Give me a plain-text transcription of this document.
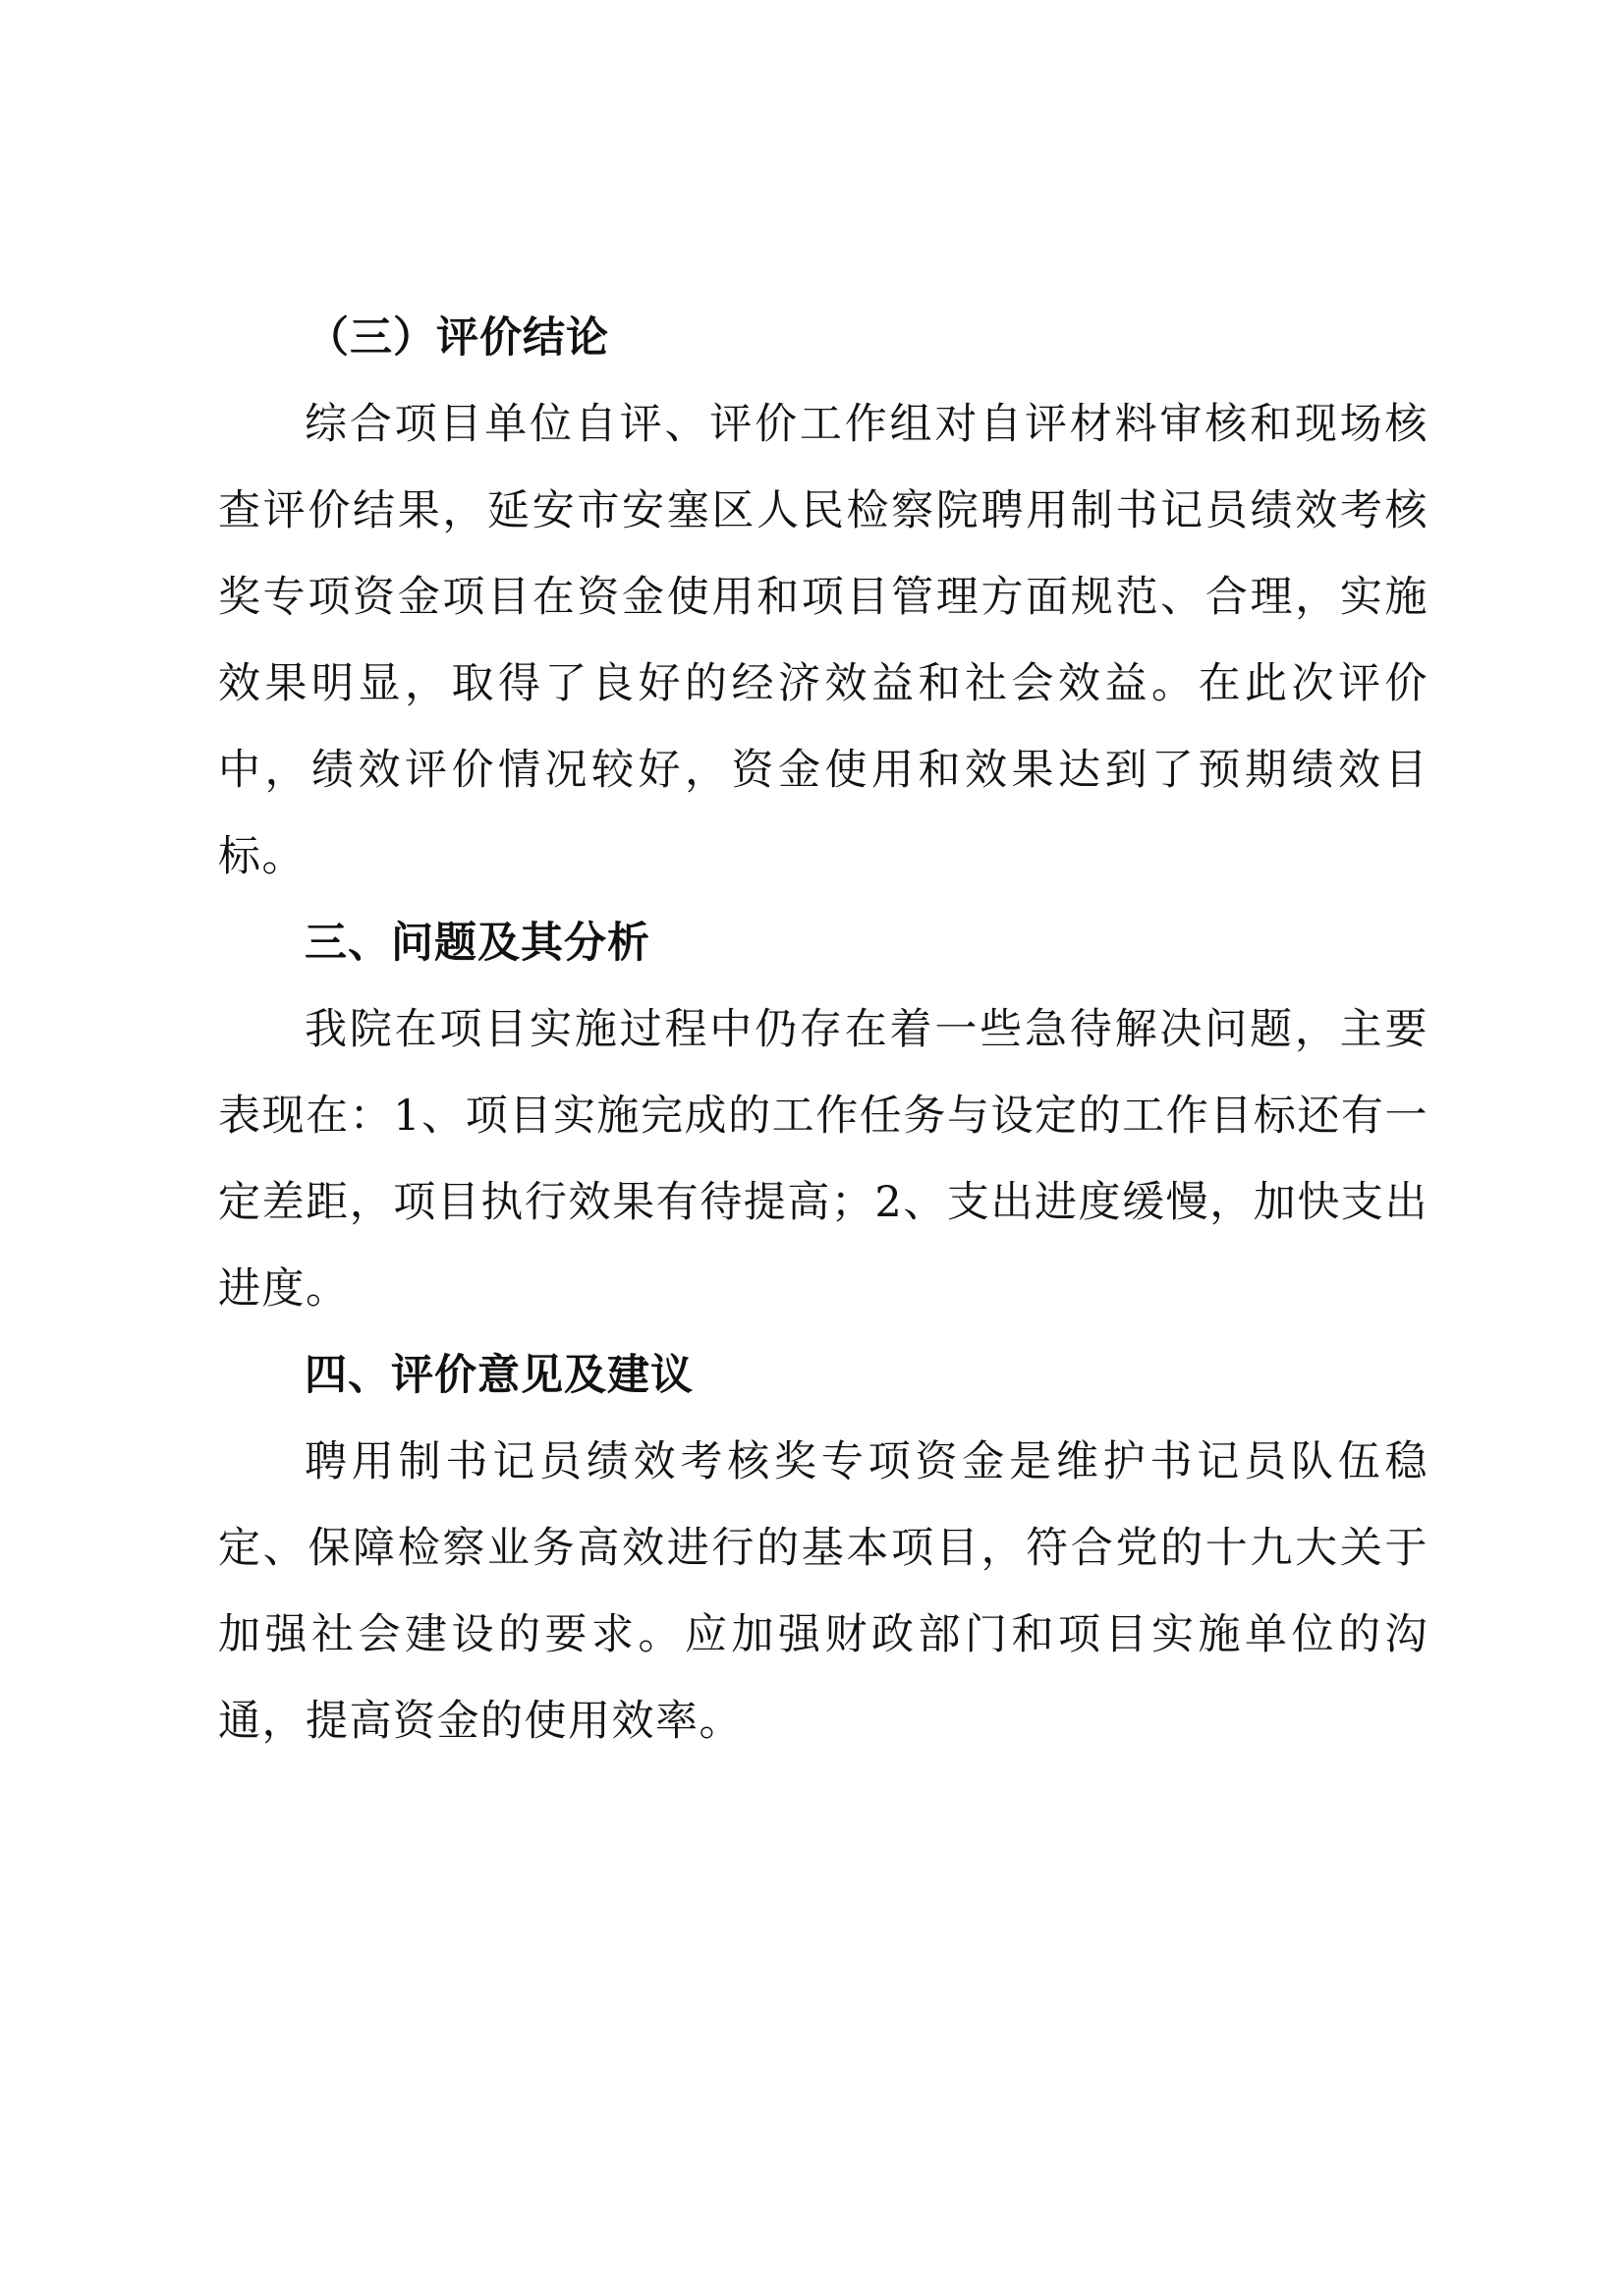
（三）评价结论

综合项目单位自评、评价工作组对自评材料审核和现场核查评价结果，延安市安塞区人民检察院聘用制书记员绩效考核奖专项资金项目在资金使用和项目管理方面规范、合理，实施效果明显，取得了良好的经济效益和社会效益。在此次评价中，绩效评价情况较好，资金使用和效果达到了预期绩效目标。

三、问题及其分析

我院在项目实施过程中仍存在着一些急待解决问题，主要表现在：1、项目实施完成的工作任务与设定的工作目标还有一定差距，项目执行效果有待提高；2、支出进度缓慢，加快支出进度。

四、评价意见及建议

聘用制书记员绩效考核奖专项资金是维护书记员队伍稳定、保障检察业务高效进行的基本项目，符合党的十九大关于加强社会建设的要求。应加强财政部门和项目实施单位的沟通，提高资金的使用效率。
